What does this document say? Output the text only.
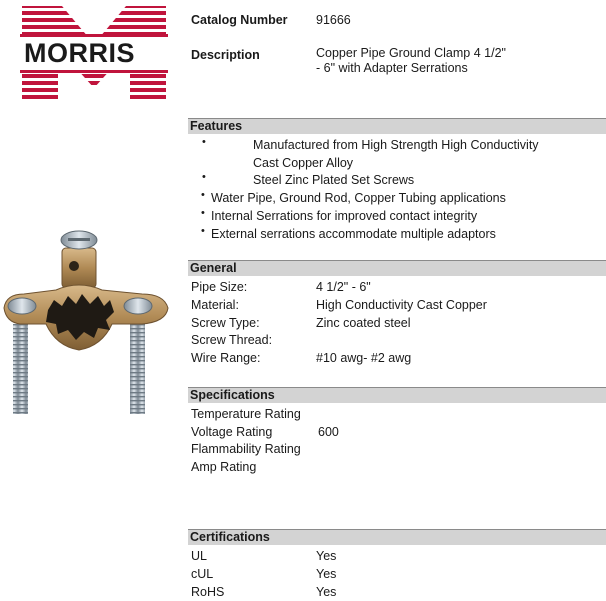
MORRIS
Catalog Number 91666
Description	Copper Pipe Ground Clamp 4 1/2"
- 6" with Adapter Serrations
Features
•	Manufactured from High Strength High Conductivity
Cast Copper Alloy
•	Steel Zinc Plated Set Screws
• Water Pipe, Ground Rod, Copper Tubing applications
• Internal Serrations for improved contact integrity
• External serrations accommodate multiple adaptors
General
Pipe Size:	4 1/2" - 6"
Material:	High Conductivity Cast Copper
Screw Type:	Zinc coated steel
Screw Thread:
Wire Range:	#10 awg- #2 awg
Specifications
Temperature Rating
Voltage Rating	600
Flammability Rating
Amp Rating
Certifications
UL	Yes
cUL	Yes
RoHS	Yes
